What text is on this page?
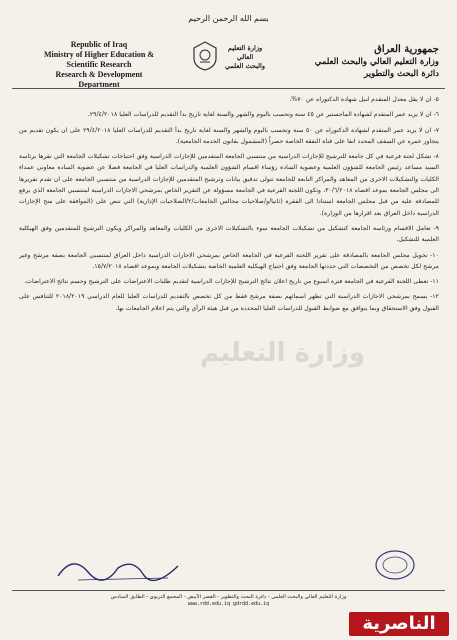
بسم الله الرحمن الرحيم
Republic of Iraq
Ministry of Higher Education &
Scientific Research
Research & Development
Department
وزارة التعليم العالي
والبحث العلمي
جمهورية العراق
وزارة التعليم العالي والبحث العلمي
دائرة البحث والتطوير

٥- ان لا يقل معدل المتقدم لنيل شهادة الدكتوراه عن ٧٠%.

٦- ان لا يزيد عمر المتقدم لشهادة الماجستير عن ٤٥ سنة وتحسب باليوم والشهر والسنة لغاية تاريخ بدأ التقديم للدراسات العليا ٢٩/٤/٢٠١٨.

٧- ان لا يزيد عمر المتقدم لشهادة الدكتوراه عن ٥٠ سنة وتحسب باليوم والشهر والسنة لغاية تاريخ بدأ التقديم للدراسات العليا ٢٩/٤/٢٠١٨ على ان يكون تقديم من يتجاوز عمره عن السقف المحدد انفا على قناة النفقة الخاصة حصراً (المشمول بقانون الخدمة الجامعية).

٨- تشكل لجنة فرعية في كل جامعة للترشيح للإجازات الدراسية من منتسبي الجامعة المتقدمين للإجازات الدراسية وفق احتياجات تشكيلات الجامعة التي تقرها برئاسة السيد مساعد رئيس الجامعة للشؤون العلمية وعضوية السادة رؤساء اقسام الشؤون العلمية والدراسات العليا في الجامعة فضلا عن عضوية السادة معاوني عمداء الكليات والتشكيلات الاخرى من المعاهد والمراكز التابعة للجامعة تتولى تدقيق بيانات وترشيح المتقدمين للإجازات الدراسية من منتسبي الجامعة على ان تقدم تقريرها الى مجلس الجامعة بموعد اقصاه ٣٠/٦/٢٠١٨، وتكون اللجنة الفرعية في الجامعة مسؤولة عن التقرير الخاص بمرشحي الاجازات الدراسية لمنتسبي الجامعة الذي يرفع للمصادقة عليه من قبل مجلس الجامعة استنادا الى الفقرة (ثانيا/و/صلاحيات مجالس الجامعات/٢/الصلاحيات الإدارية) التي تنص على (الموافقة على منح الإجازات الدراسية داخل العراق بعد اقرارها من الوزارة).

٩- تعامل الاقسام ورئاسة الجامعة كتشكيل من تشكيلات الجامعة سوء بالتشكيلات الاخرى من الكليات والمعاهد والمراكز ويكون الترشيح للمتقدمين وفق الهيكلية العلمية للتشكيل.

١٠- تخويل مجلس الجامعة بالمصادقة على تقرير اللجنة الفرعية في الجامعة الخاص بمرشحي الاجازات الدراسية داخل العراق لمنتسبي الجامعة بصفة مرشح وغير مرشح لكل تخصص من التخصصات التي حددتها الجامعة وفق احتياج الهيكلية العلمية الخاصة بتشكيلات الجامعة وبموعد اقصاه ١٥/٧/٢٠١٨.

١١- تعطى اللجنة الفرعية في الجامعة فترة اسبوع من تاريخ اعلان نتائج الترشيح للإجازات الدراسية لتقديم طلبات الاعتراضات على الترشيح وحسم نتائج الاعتراضات.

١٢- يسمح بمرشحي الاجازات الدراسية التي تظهر اسمائهم بصفة مرشح فقط من كل تخصص بالتقديم للدراسات العليا للعام الدراسي ٢٠١٨/٢٠١٩ للتنافس على القبول وفق الاستحقاق وبما يتوافق مع ضوابط القبول للدراسات العليا المحددة من قبل هيئة الرأي والتي يتم اعلام الجامعات بها.

وزارة التعليم
وزارة التعليم العالي والبحث العلمي - دائرة البحث والتطوير - القصر الأبيض - المجمع التربوي - الطابق السادس
www.rdd.edu.iq gdrdd.edu.iq
الناصرية
